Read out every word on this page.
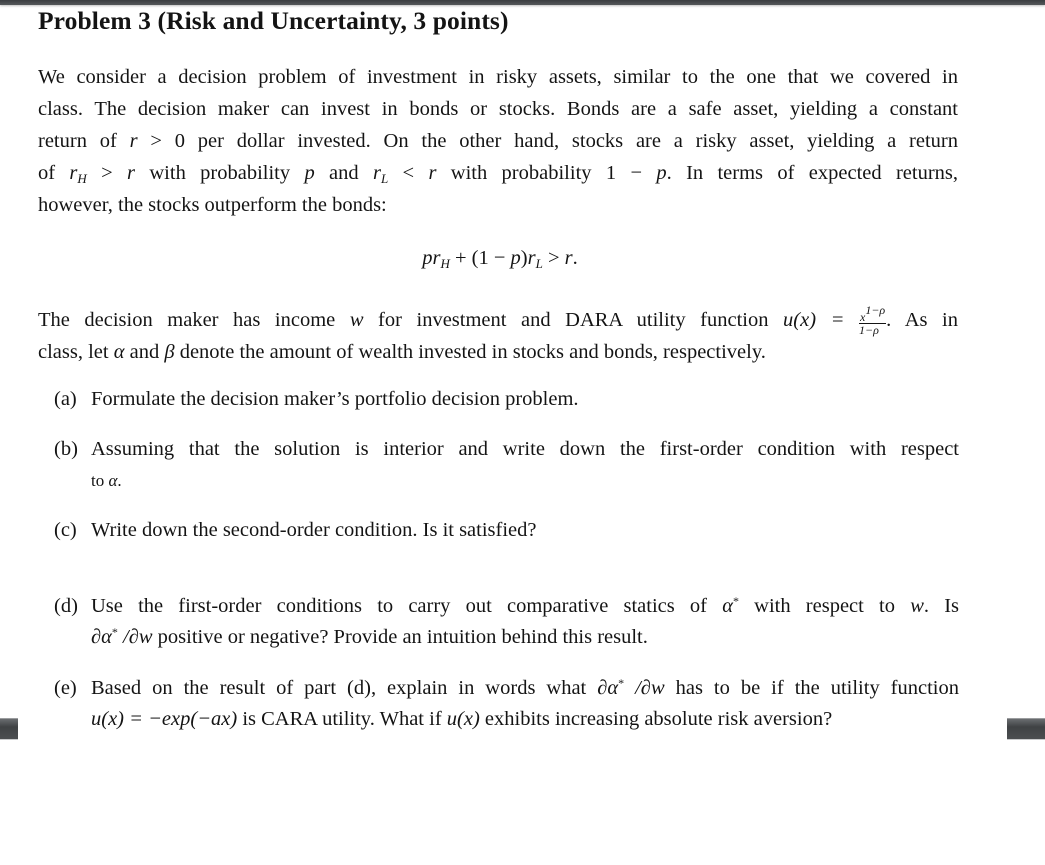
Problem 3 (Risk and Uncertainty, 3 points)
We consider a decision problem of investment in risky assets, similar to the one that we covered in
class. The decision maker can invest in bonds or stocks. Bonds are a safe asset, yielding a constant
return of r > 0 per dollar invested. On the other hand, stocks are a risky asset, yielding a return
of $r_H > r$ with probability p and $r_L < r$ with probability 1 − p. In terms of expected returns,
however, the stocks outperform the bonds:
$pr_H + (1 - p)r_L > r$.
The decision maker has income w for investment and DARA utility function $u(x) = \frac{x^{1-\rho}}{1-\rho}$ . As in
class, let α and β denote the amount of wealth invested in stocks and bonds, respectively.
(a) Formulate the decision maker’s portfolio decision problem.
(b) Assuming that the solution is interior and write down the first-order condition with respect
to α.
(c) Write down the second-order condition. Is it satisfied?
(d) Use the first-order conditions to carry out comparative statics of α* with respect to w. Is
∂α* /∂w positive or negative? Provide an intuition behind this result.
(e) Based on the result of part (d), explain in words what ∂α* /∂w has to be if the utility function
u(x) = −exp(−ax) is CARA utility. What if u(x) exhibits increasing absolute risk aversion?
